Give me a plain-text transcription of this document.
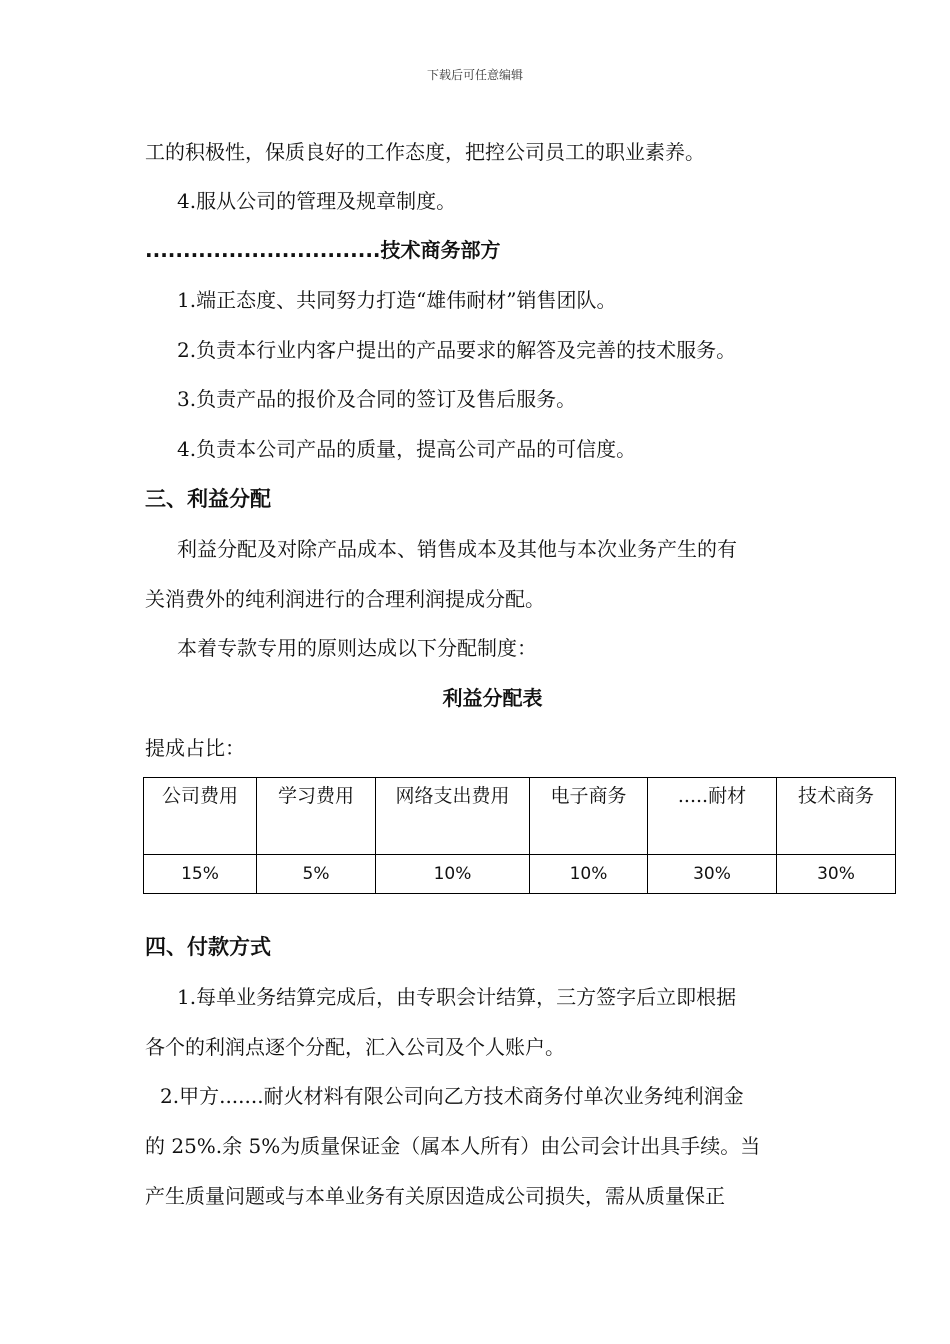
下载后可任意编辑
工的积极性，保质良好的工作态度，把控公司员工的职业素养。
4.服从公司的管理及规章制度。
...............................技术商务部方
1.端正态度、共同努力打造“雄伟耐材”销售团队。
2.负责本行业内客户提出的产品要求的解答及完善的技术服务。
3.负责产品的报价及合同的签订及售后服务。
4.负责本公司产品的质量，提高公司产品的可信度。
三、利益分配
利益分配及对除产品成本、销售成本及其他与本次业务产生的有
关消费外的纯利润进行的合理利润提成分配。
本着专款专用的原则达成以下分配制度：
利益分配表
提成占比：
公司费用	学习费用	网络支出费用	电子商务	.....耐材	技术商务
15%	5%	10%	10%	30%	30%
四、付款方式
1.每单业务结算完成后，由专职会计结算，三方签字后立即根据
各个的利润点逐个分配，汇入公司及个人账户。
2.甲方.......耐火材料有限公司向乙方技术商务付单次业务纯利润金
的 25%.余 5%为质量保证金（属本人所有）由公司会计出具手续。当
产生质量问题或与本单业务有关原因造成公司损失，需从质量保正
